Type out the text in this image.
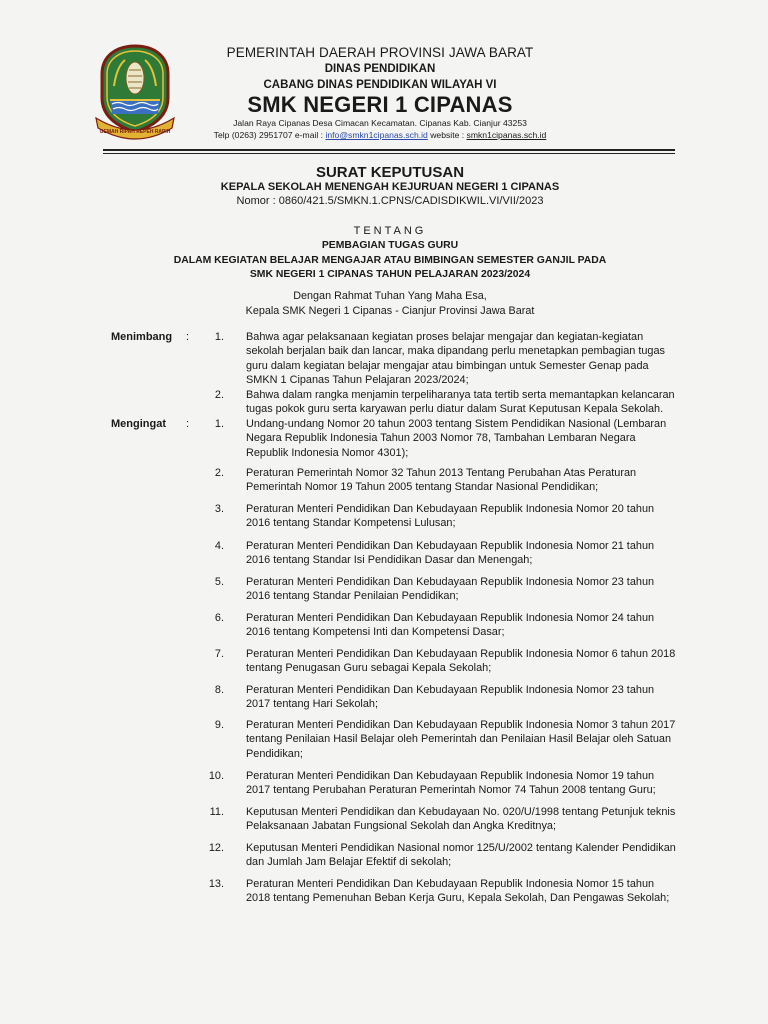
GEMAH RIPAH REPEH RAPIH
PEMERINTAH DAERAH PROVINSI JAWA BARAT
DINAS PENDIDIKAN
CABANG DINAS PENDIDIKAN WILAYAH VI
SMK NEGERI 1 CIPANAS
Jalan Raya Cipanas Desa Cimacan Kecamatan. Cipanas Kab. Cianjur 43253
Telp (0263) 2951707 e-mail : info@smkn1cipanas.sch.id website : smkn1cipanas.sch.id
SURAT KEPUTUSAN
KEPALA SEKOLAH MENENGAH KEJURUAN NEGERI 1 CIPANAS
Nomor : 0860/421.5/SMKN.1.CPNS/CADISDIKWIL.VI/VII/2023
TENTANG
PEMBAGIAN TUGAS GURU
DALAM KEGIATAN BELAJAR MENGAJAR ATAU BIMBINGAN SEMESTER GANJIL PADA
SMK NEGERI 1 CIPANAS TAHUN PELAJARAN 2023/2024
Dengan Rahmat Tuhan Yang Maha Esa,
Kepala SMK Negeri 1 Cipanas - Cianjur Provinsi Jawa Barat
Menimbang :	1. Bahwa agar pelaksanaan kegiatan proses belajar mengajar dan kegiatan-kegiatan sekolah berjalan baik dan lancar, maka dipandang perlu menetapkan pembagian tugas guru dalam kegiatan belajar mengajar atau bimbingan untuk Semester Genap pada SMKN 1 Cipanas Tahun Pelajaran 2023/2024;
2. Bahwa dalam rangka menjamin terpeliharanya tata tertib serta memantapkan kelancaran tugas pokok guru serta karyawan perlu diatur dalam Surat Keputusan Kepala Sekolah.
Mengingat :	1. Undang-undang Nomor 20 tahun 2003 tentang Sistem Pendidikan Nasional (Lembaran Negara Republik Indonesia Tahun 2003 Nomor 78, Tambahan Lembaran Negara Republik Indonesia Nomor 4301);
2. Peraturan Pemerintah Nomor 32 Tahun 2013 Tentang Perubahan Atas Peraturan Pemerintah Nomor 19 Tahun 2005 tentang Standar Nasional Pendidikan;
3. Peraturan Menteri Pendidikan Dan Kebudayaan Republik Indonesia Nomor 20 tahun 2016 tentang Standar Kompetensi Lulusan;
4. Peraturan Menteri Pendidikan Dan Kebudayaan Republik Indonesia Nomor 21 tahun 2016 tentang Standar Isi Pendidikan Dasar dan Menengah;
5. Peraturan Menteri Pendidikan Dan Kebudayaan Republik Indonesia Nomor 23 tahun 2016 tentang Standar Penilaian Pendidikan;
6. Peraturan Menteri Pendidikan Dan Kebudayaan Republik Indonesia Nomor 24 tahun 2016 tentang Kompetensi Inti dan Kompetensi Dasar;
7. Peraturan Menteri Pendidikan Dan Kebudayaan Republik Indonesia Nomor 6 tahun 2018 tentang Penugasan Guru sebagai Kepala Sekolah;
8. Peraturan Menteri Pendidikan Dan Kebudayaan Republik Indonesia Nomor 23 tahun 2017 tentang Hari Sekolah;
9. Peraturan Menteri Pendidikan Dan Kebudayaan Republik Indonesia Nomor 3 tahun 2017 tentang Penilaian Hasil Belajar oleh Pemerintah dan Penilaian Hasil Belajar oleh Satuan Pendidikan;
10. Peraturan Menteri Pendidikan Dan Kebudayaan Republik Indonesia Nomor 19 tahun 2017 tentang Perubahan Peraturan Pemerintah Nomor 74 Tahun 2008 tentang Guru;
11. Keputusan Menteri Pendidikan dan Kebudayaan No. 020/U/1998 tentang Petunjuk teknis Pelaksanaan Jabatan Fungsional Sekolah dan Angka Kreditnya;
12. Keputusan Menteri Pendidikan Nasional nomor 125/U/2002 tentang Kalender Pendidikan dan Jumlah Jam Belajar Efektif di sekolah;
13. Peraturan Menteri Pendidikan Dan Kebudayaan Republik Indonesia Nomor 15 tahun 2018 tentang Pemenuhan Beban Kerja Guru, Kepala Sekolah, Dan Pengawas Sekolah;
